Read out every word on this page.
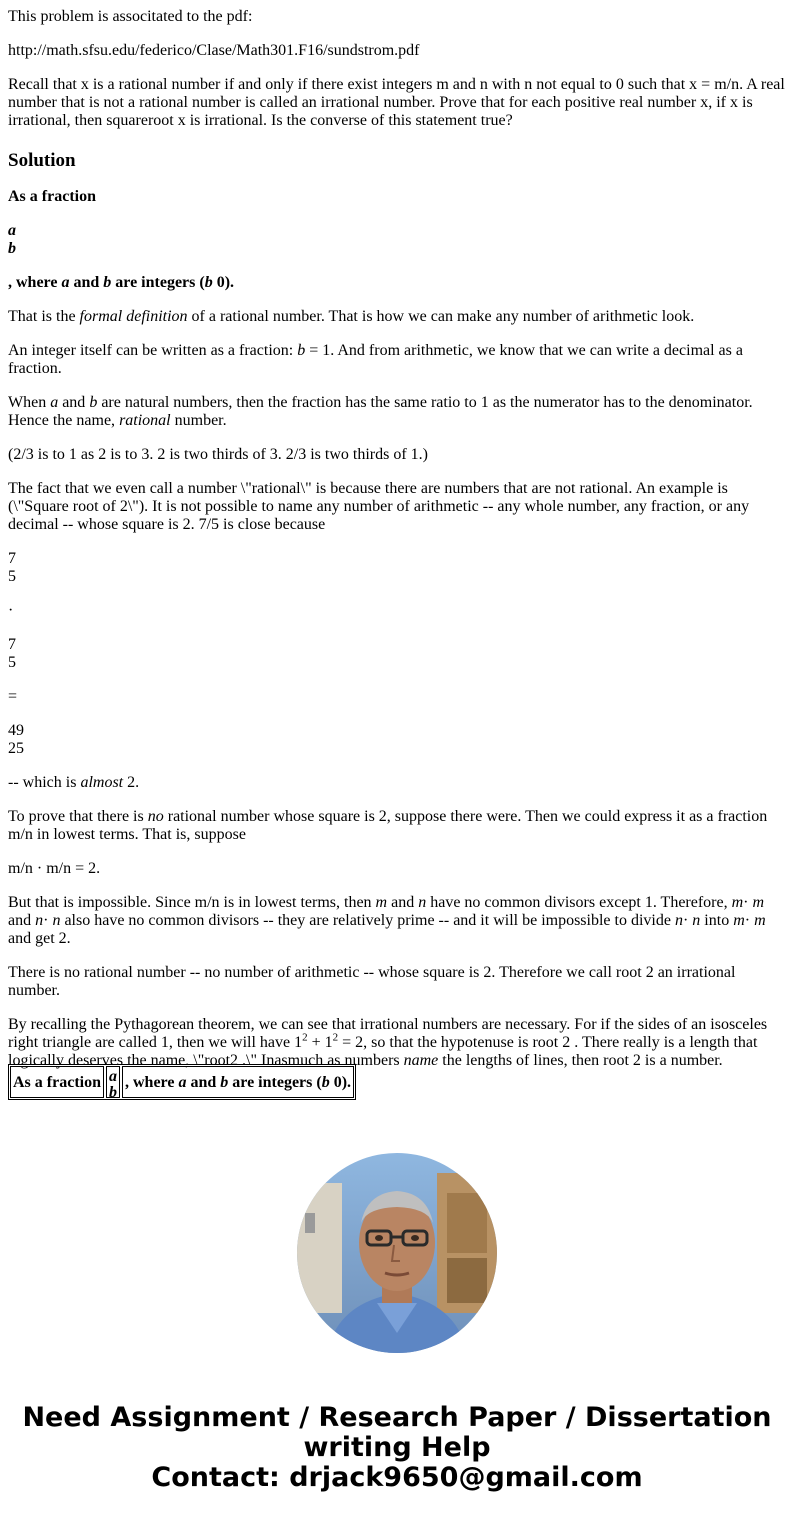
This problem is associtated to the pdf:

http://math.sfsu.edu/federico/Clase/Math301.F16/sundstrom.pdf

Recall that x is a rational number if and only if there exist integers m and n with n not equal to 0 such that x = m/n. A real number that is not a rational number is called an irrational number. Prove that for each positive real number x, if x is irrational, then squareroot x is irrational. Is the converse of this statement true?

Solution

As a fraction

a
b

, where a and b are integers (b 0).

That is the formal definition of a rational number. That is how we can make any number of arithmetic look.

An integer itself can be written as a fraction: b = 1. And from arithmetic, we know that we can write a decimal as a fraction.

When a and b are natural numbers, then the fraction has the same ratio to 1 as the numerator has to the denominator. Hence the name, rational number.

(2/3 is to 1 as 2 is to 3. 2 is two thirds of 3. 2/3 is two thirds of 1.)

The fact that we even call a number \"rational\" is because there are numbers that are not rational. An example is (\"Square root of 2\"). It is not possible to name any number of arithmetic -- any whole number, any fraction, or any decimal -- whose square is 2. 7/5 is close because

7
5

·

7
5

=

49
25

-- which is almost 2.

To prove that there is no rational number whose square is 2, suppose there were. Then we could express it as a fraction m/n in lowest terms. That is, suppose

m/n · m/n = 2.

But that is impossible. Since m/n is in lowest terms, then m and n have no common divisors except 1. Therefore, m· m and n· n also have no common divisors -- they are relatively prime -- and it will be impossible to divide n· n into m· m and get 2.

There is no rational number -- no number of arithmetic -- whose square is 2. Therefore we call root 2 an irrational number.

By recalling the Pythagorean theorem, we can see that irrational numbers are necessary. For if the sides of an isosceles right triangle are called 1, then we will have $1^2 + 1^2 = 2$, so that the hypotenuse is root 2 . There really is a length that logically deserves the name, \"root2 .\" Inasmuch as numbers name the lengths of lines, then root 2 is a number.

As a fraction a
b
, where a and b are integers (b 0).
Need Assignment / Research Paper / Dissertation
writing Help
Contact: drjack9650@gmail.com
